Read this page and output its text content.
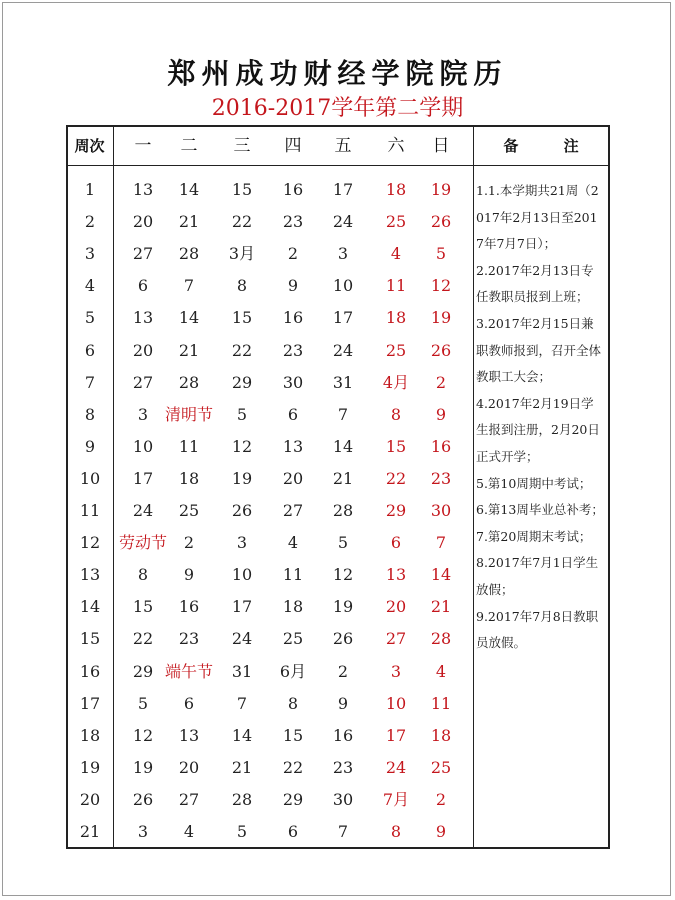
郑州成功财经学院院历
2016-2017学年第二学期
周次	一	二	三	四	五	六	日	备 注
1	13	14	15	16	17	18	19
2	20	21	22	23	24	25	26
3	27	28	3月	2	3	4	5
4	6	7	8	9	10	11	12
5	13	14	15	16	17	18	19
6	20	21	22	23	24	25	26
7	27	28	29	30	31	4月	2
8	3	清明节	5	6	7	8	9
9	10	11	12	13	14	15	16
10	17	18	19	20	21	22	23
11	24	25	26	27	28	29	30
12	劳动节	2	3	4	5	6	7
13	8	9	10	11	12	13	14
14	15	16	17	18	19	20	21
15	22	23	24	25	26	27	28
16	29 端午节	31	6月	2	3	4
17	5	6	7	8	9	10	11
18	12	13	14	15	16	17	18
19	19	20	21	22	23	24	25
20	26	27	28	29	30	7月	2
21	3	4	5	6	7	8	9
1.1.本学期共21周（2017年2月13日至2017年7月7日）；
2.2017年2月13日专任教职员报到上班；
3.2017年2月15日兼职教师报到，召开全体教职工大会；
4.2017年2月19日学生报到注册，2月20日正式开学；
5.第10周期中考试；
6.第13周毕业总补考；
7.第20周期末考试；
8.2017年7月1日学生放假；
9.2017年7月8日教职员放假。
